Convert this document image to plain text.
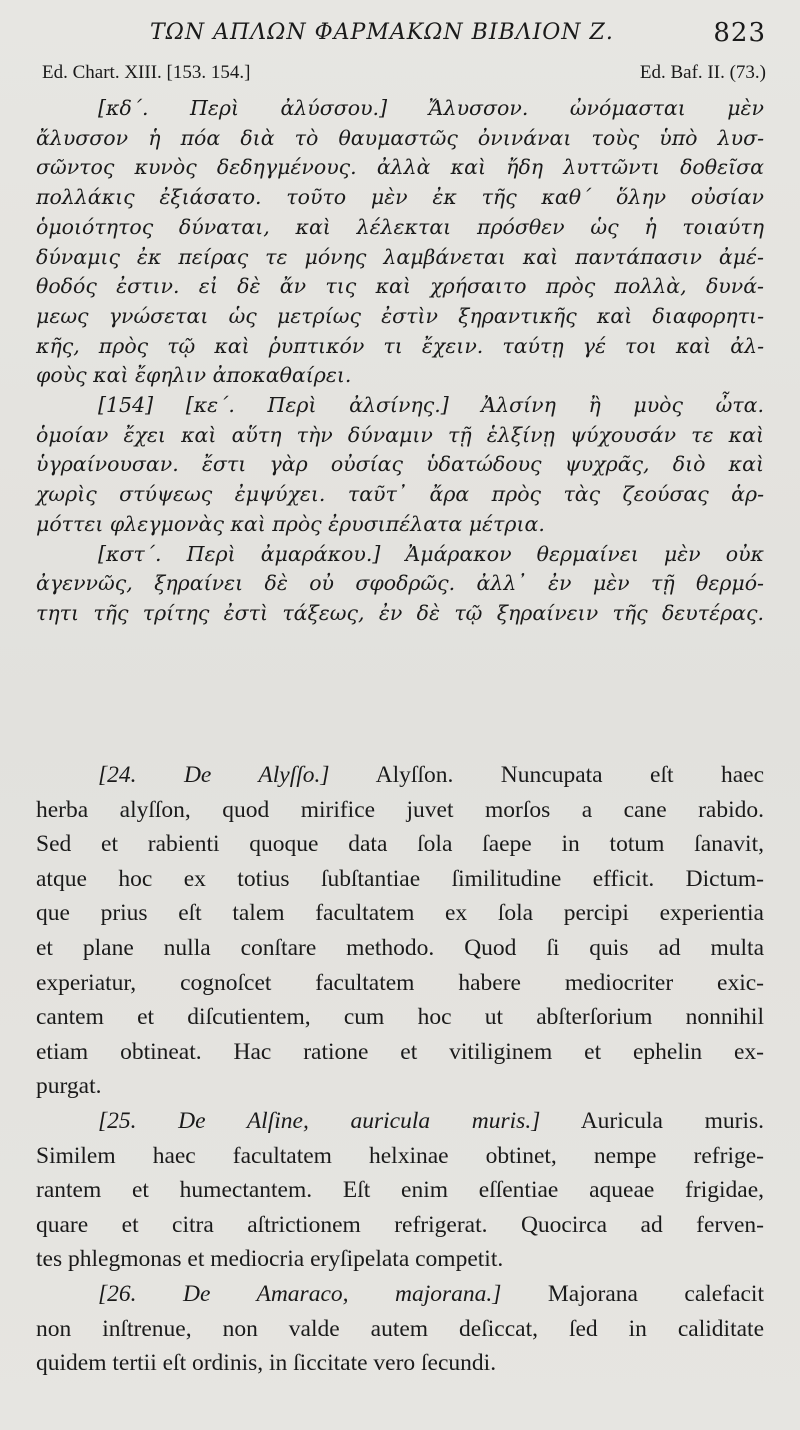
ΤΩΝ ΑΠΛΩΝ ΦΑΡΜΑΚΩΝ ΒΙΒΛΙΟΝ Ζ.	823
Ed. Chart. XIII. [153. 154.]	Ed. Baf. II. (73.)
[κδ΄. Περὶ ἀλύσσου.] Ἄλυσσον. ὠνόμασται μὲν
ἄλυσσον ἡ πόα διὰ τὸ θαυμαστῶς ὀνινάναι τοὺς ὑπὸ λυσ-
σῶντος κυνὸς δεδηγμένους. ἀλλὰ καὶ ἤδη λυττῶντι δοθεῖσα
πολλάκις ἐξιάσατο. τοῦτο μὲν ἐκ τῆς καθ΄ ὅλην οὐσίαν
ὁμοιότητος δύναται, καὶ λέλεκται πρόσθεν ὡς ἡ τοιαύτη
δύναμις ἐκ πείρας τε μόνης λαμβάνεται καὶ παντάπασιν ἀμέ-
θοδός ἐστιν. εἰ δὲ ἄν τις καὶ χρήσαιτο πρὸς πολλὰ, δυνά-
μεως γνώσεται ὡς μετρίως ἐστὶν ξηραντικῆς καὶ διαφορητι-
κῆς, πρὸς τῷ καὶ ῥυπτικόν τι ἔχειν. ταύτῃ γέ τοι καὶ ἀλ-
φοὺς καὶ ἔφηλιν ἀποκαθαίρει.
[154] [κε΄. Περὶ ἀλσίνης.] Ἀλσίνη ἢ μυὸς ὦτα.
ὁμοίαν ἔχει καὶ αὕτη τὴν δύναμιν τῇ ἑλξίνῃ ψύχουσάν τε καὶ
ὑγραίνουσαν. ἔστι γὰρ οὐσίας ὑδατώδους ψυχρᾶς, διὸ καὶ
χωρὶς στύψεως ἐμψύχει. ταῦτ᾽ ἄρα πρὸς τὰς ζεούσας ἁρ-
μόττει φλεγμονὰς καὶ πρὸς ἐρυσιπέλατα μέτρια.
[κστ΄. Περὶ ἀμαράκου.] Ἀμάρακον θερμαίνει μὲν οὐκ
ἀγεννῶς, ξηραίνει δὲ οὐ σφοδρῶς. ἀλλ᾽ ἐν μὲν τῇ θερμό-
τητι τῆς τρίτης ἐστὶ τάξεως, ἐν δὲ τῷ ξηραίνειν τῆς δευτέρας.
[24. De Alyſſo.] Alyſſon. Nuncupata eſt haec
herba alyſſon, quod mirifice juvet morſos a cane rabido.
Sed et rabienti quoque data ſola ſaepe in totum ſanavit,
atque hoc ex totius ſubſtantiae ſimilitudine efficit. Dictum-
que prius eſt talem facultatem ex ſola percipi experientia
et plane nulla conſtare methodo. Quod ſi quis ad multa
experiatur, cognoſcet facultatem habere mediocriter exic-
cantem et diſcutientem, cum hoc ut abſterſorium nonnihil
etiam obtineat. Hac ratione et vitiliginem et ephelin ex-
purgat.
[25. De Alſine, auricula muris.] Auricula muris.
Similem haec facultatem helxinae obtinet, nempe refrige-
rantem et humectantem. Eſt enim eſſentiae aqueae frigidae,
quare et citra aſtrictionem refrigerat. Quocirca ad ferven-
tes phlegmonas et mediocria eryſipelata competit.
[26. De Amaraco, majorana.] Majorana calefacit
non inſtrenue, non valde autem deſiccat, ſed in caliditate
quidem tertii eſt ordinis, in ſiccitate vero ſecundi.
